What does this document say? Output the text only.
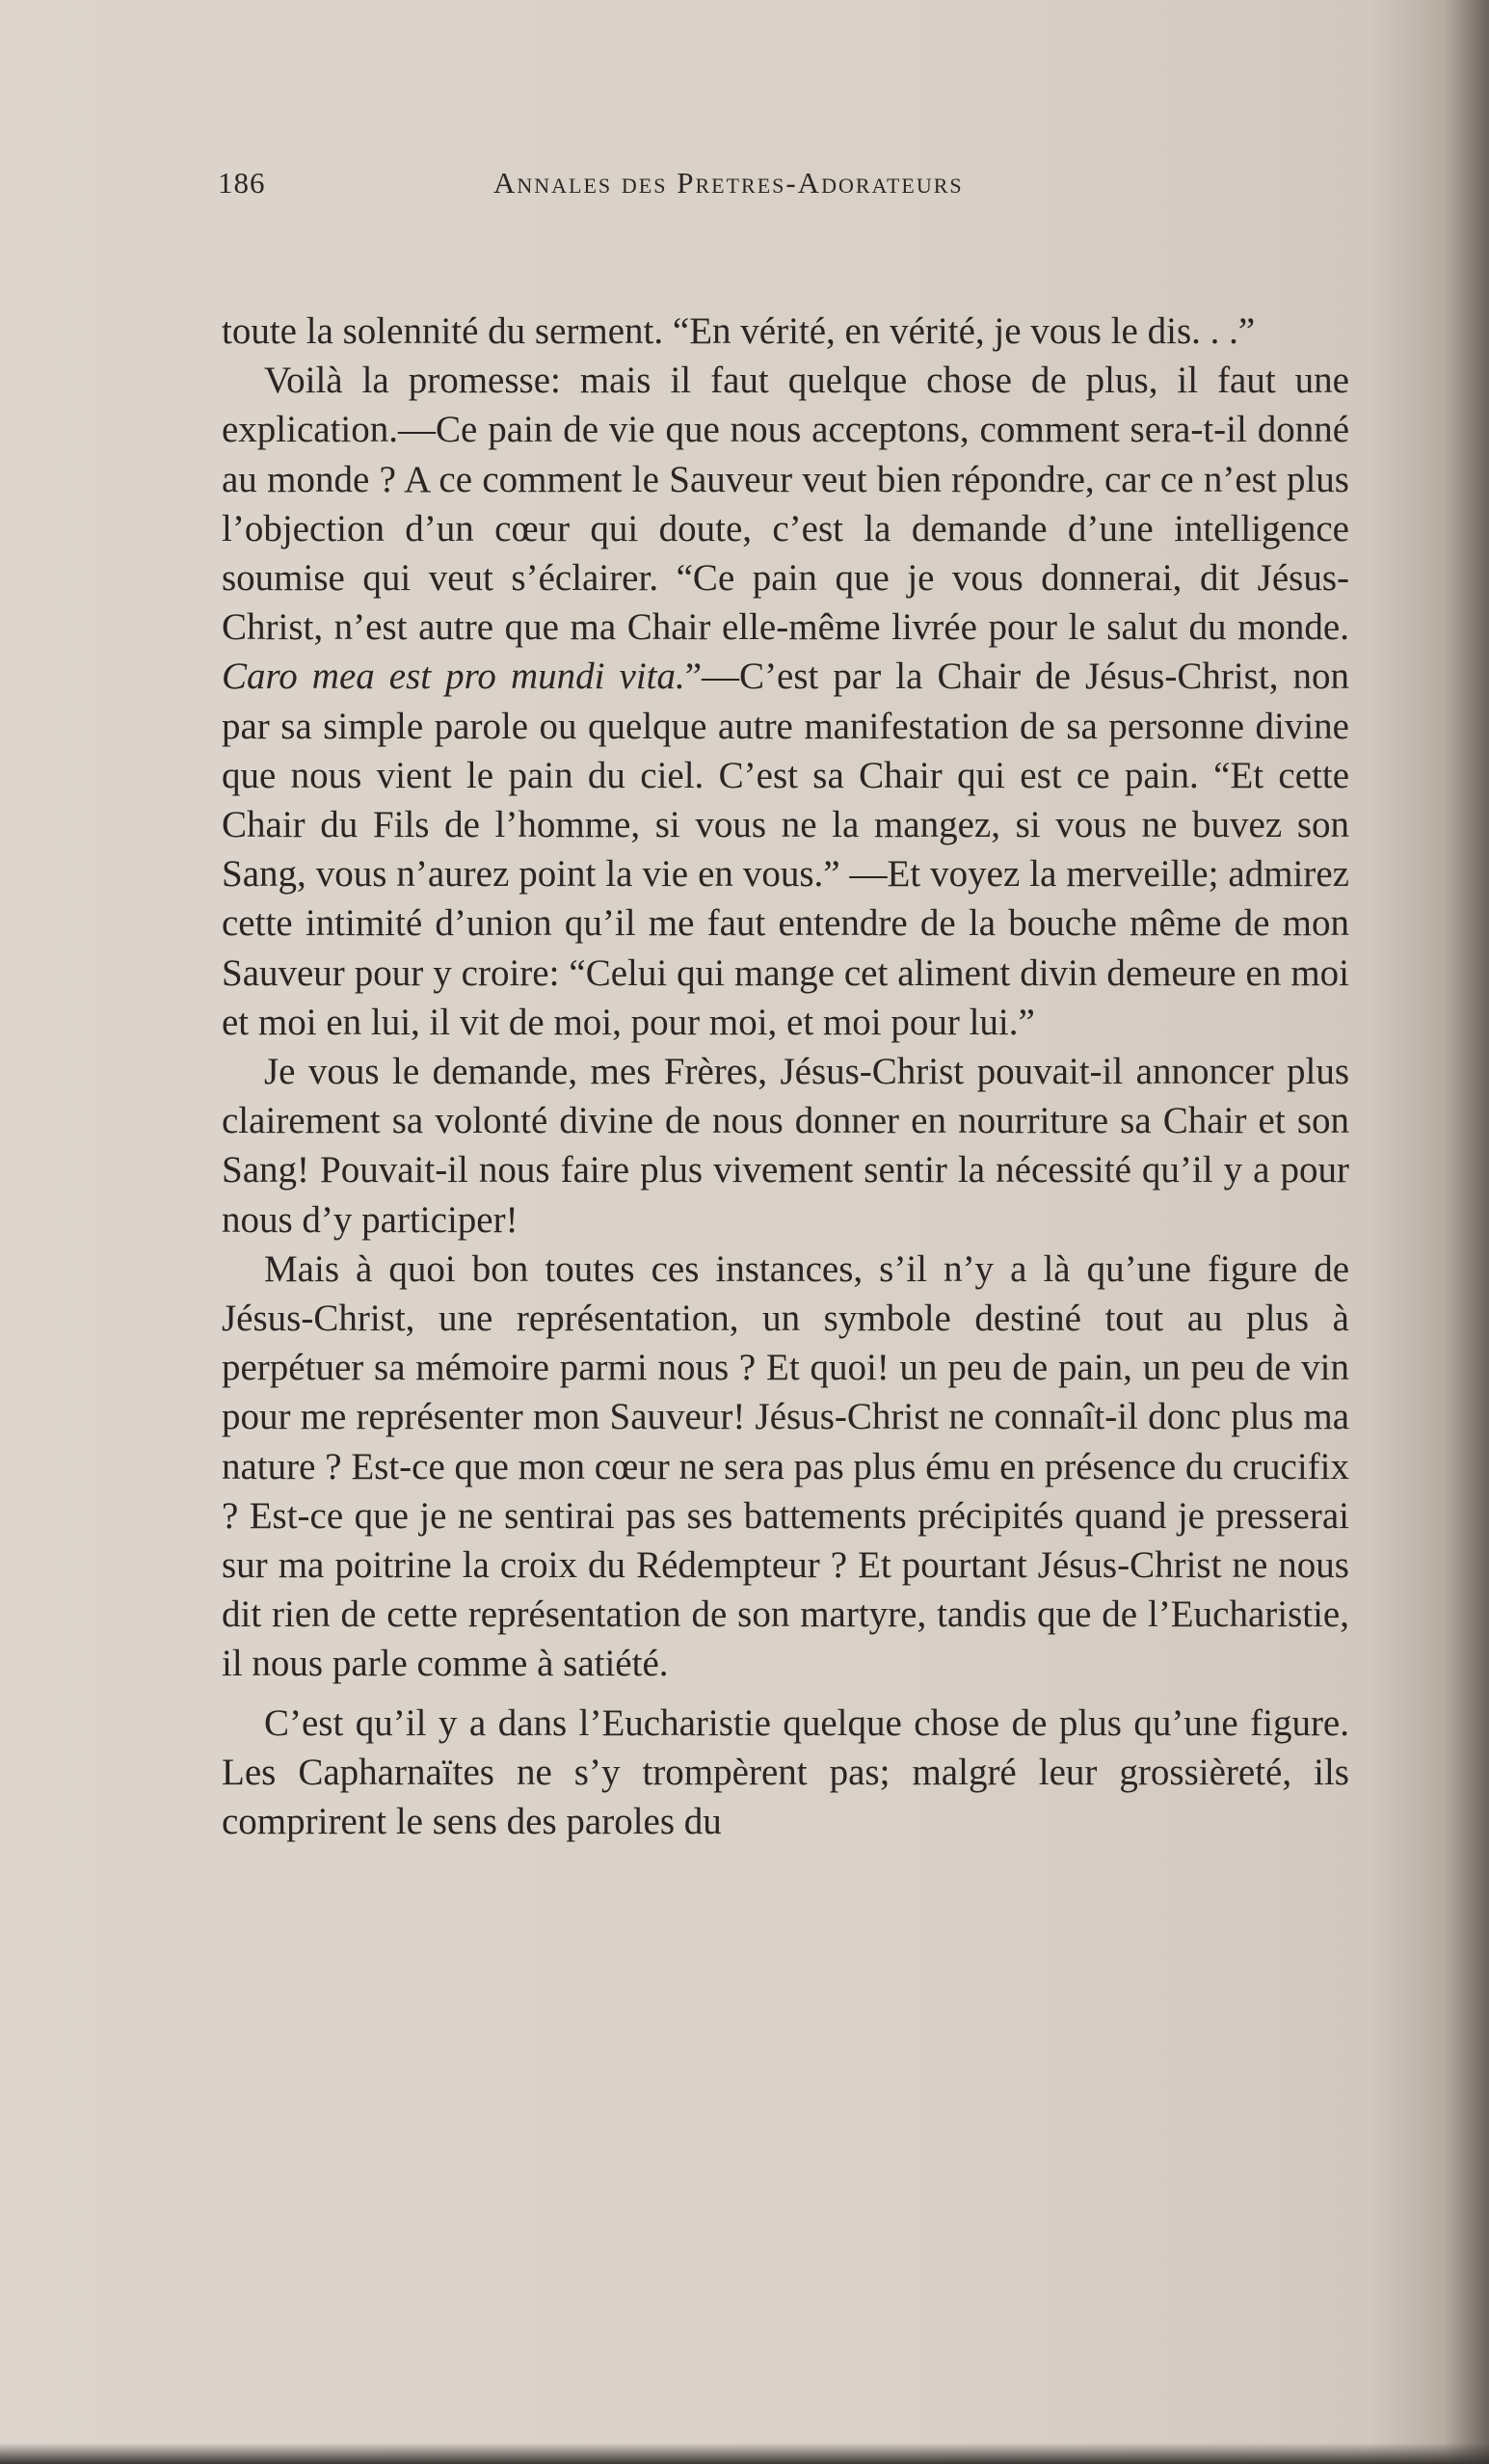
186	Annales des Pretres-Adorateurs

toute la solennité du serment. “En vérité, en vérité, je vous le dis. . .”

Voilà la promesse: mais il faut quelque chose de plus, il faut une explication.—Ce pain de vie que nous acceptons, comment sera-t-il donné au monde ? A ce comment le Sauveur veut bien répondre, car ce n’est plus l’objection d’un cœur qui doute, c’est la demande d’une intelligence soumise qui veut s’éclairer. “Ce pain que je vous donnerai, dit Jésus-Christ, n’est autre que ma Chair elle-même livrée pour le salut du monde. Caro mea est pro mundi vita.”—C’est par la Chair de Jésus-Christ, non par sa simple parole ou quelque autre manifestation de sa personne divine que nous vient le pain du ciel. C’est sa Chair qui est ce pain. “Et cette Chair du Fils de l’homme, si vous ne la mangez, si vous ne buvez son Sang, vous n’aurez point la vie en vous.” —Et voyez la merveille; admirez cette intimité d’union qu’il me faut entendre de la bouche même de mon Sauveur pour y croire: “Celui qui mange cet aliment divin demeure en moi et moi en lui, il vit de moi, pour moi, et moi pour lui.”

Je vous le demande, mes Frères, Jésus-Christ pouvait-il annoncer plus clairement sa volonté divine de nous donner en nourriture sa Chair et son Sang! Pouvait-il nous faire plus vivement sentir la nécessité qu’il y a pour nous d’y participer!

Mais à quoi bon toutes ces instances, s’il n’y a là qu’une figure de Jésus-Christ, une représentation, un symbole destiné tout au plus à perpétuer sa mémoire parmi nous ? Et quoi! un peu de pain, un peu de vin pour me représenter mon Sauveur! Jésus-Christ ne connaît-il donc plus ma nature ? Est-ce que mon cœur ne sera pas plus ému en présence du crucifix ? Est-ce que je ne sentirai pas ses battements précipités quand je presserai sur ma poitrine la croix du Rédempteur ? Et pourtant Jésus-Christ ne nous dit rien de cette représentation de son martyre, tandis que de l’Eucharistie, il nous parle comme à satiété.

C’est qu’il y a dans l’Eucharistie quelque chose de plus qu’une figure. Les Capharnaïtes ne s’y trompèrent pas; malgré leur grossièreté, ils comprirent le sens des paroles du
